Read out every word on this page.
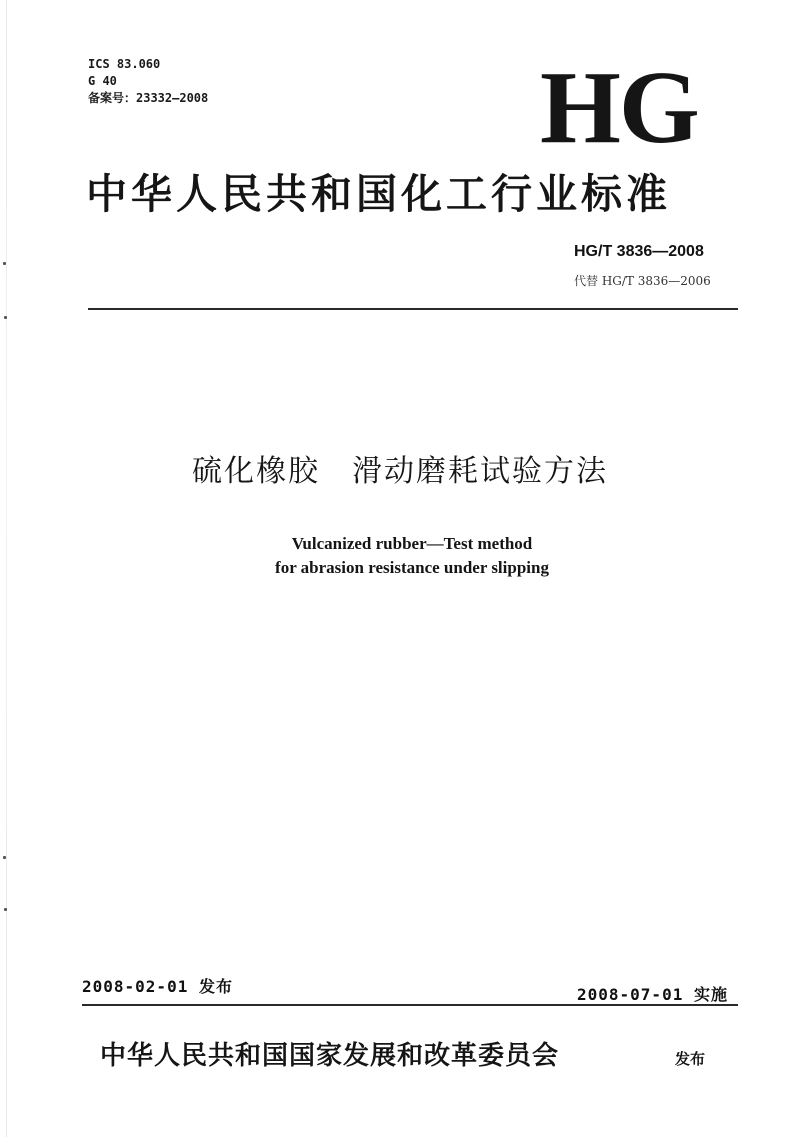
ICS 83.060
G 40
备案号：23332—2008	HG
中华人民共和国化工行业标准
HG/T 3836—2008
代替 HG/T 3836—2006
硫化橡胶　滑动磨耗试验方法
Vulcanized rubber—Test method
for abrasion resistance under slipping
2008-02-01 发布	2008-07-01 实施
中华人民共和国国家发展和改革委员会	发布
